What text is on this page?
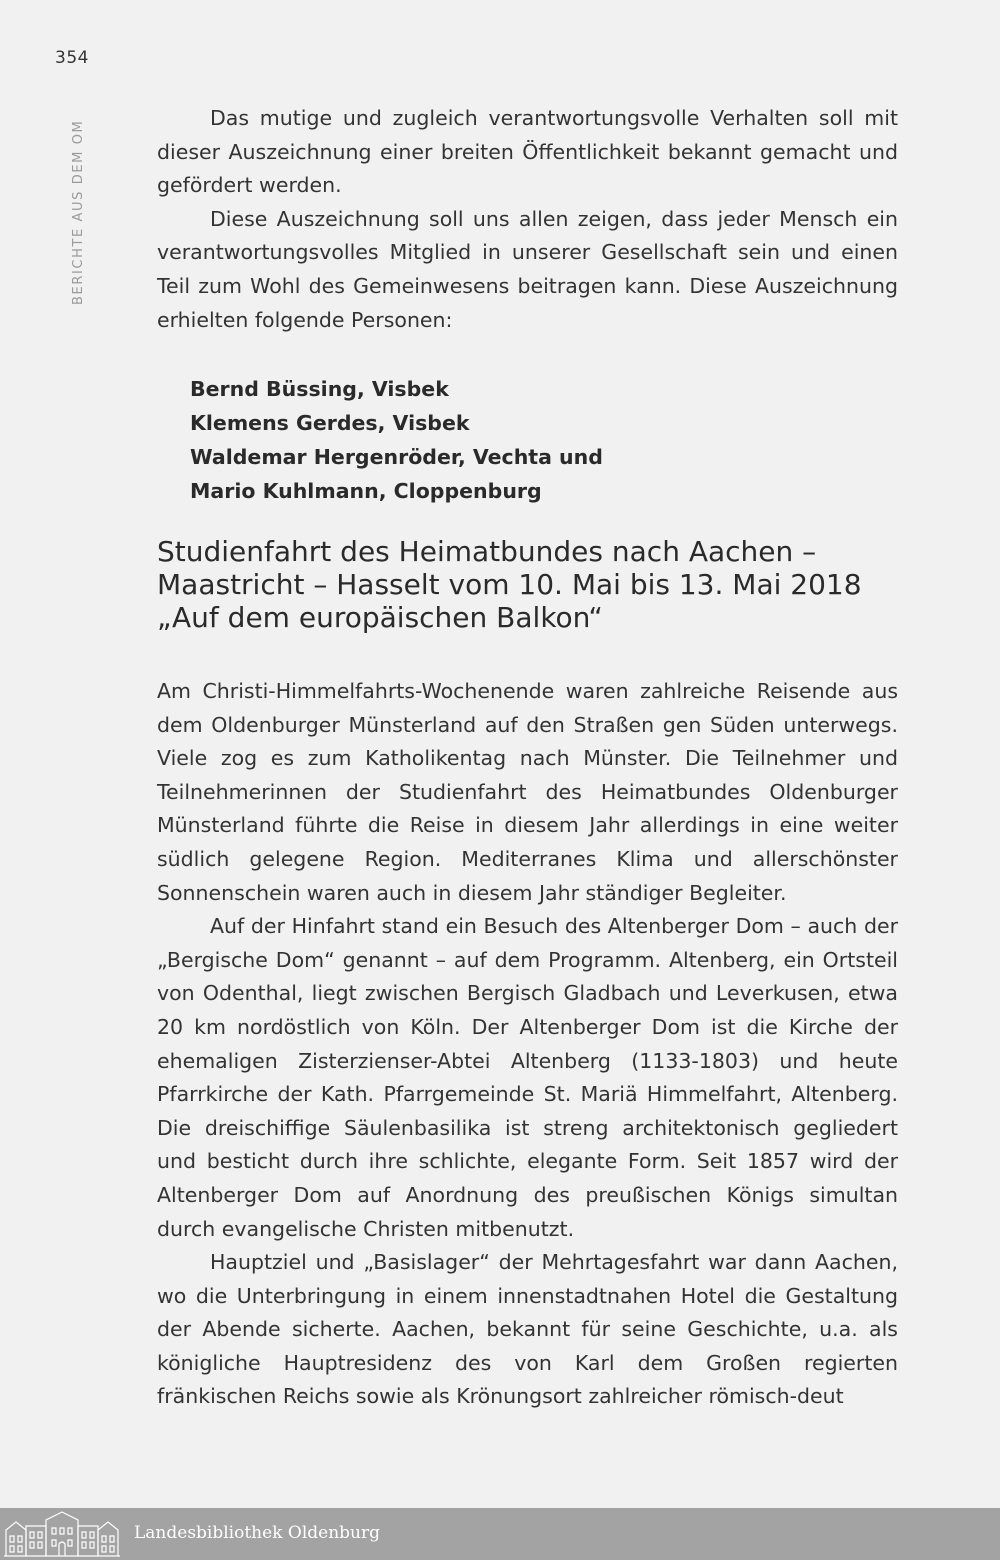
354
BERICHTE AUS DEM OM

Das mutige und zugleich verantwortungsvolle Verhalten soll mit dieser Auszeichnung einer breiten Öffentlichkeit bekannt gemacht und gefördert werden.

Diese Auszeichnung soll uns allen zeigen, dass jeder Mensch ein verantwortungsvolles Mitglied in unserer Gesellschaft sein und einen Teil zum Wohl des Gemeinwesens beitragen kann. Diese Auszeichnung erhielten folgende Personen:

Bernd Büssing, Visbek
Klemens Gerdes, Visbek
Waldemar Hergenröder, Vechta und
Mario Kuhlmann, Cloppenburg
Studienfahrt des Heimatbundes nach Aachen –
Maastricht – Hasselt vom 10. Mai bis 13. Mai 2018
„Auf dem europäischen Balkon“

Am Christi-Himmelfahrts-Wochenende waren zahlreiche Reisende aus dem Oldenburger Münsterland auf den Straßen gen Süden unterwegs. Viele zog es zum Katholikentag nach Münster. Die Teilnehmer und Teilnehmerinnen der Studienfahrt des Heimatbundes Oldenburger Münsterland führte die Reise in diesem Jahr allerdings in eine weiter südlich gelegene Region. Mediterranes Klima und allerschönster Sonnenschein waren auch in diesem Jahr ständiger Begleiter.

Auf der Hinfahrt stand ein Besuch des Altenberger Dom – auch der „Bergische Dom“ genannt – auf dem Programm. Altenberg, ein Ortsteil von Odenthal, liegt zwischen Bergisch Gladbach und Leverkusen, etwa 20 km nordöstlich von Köln. Der Altenberger Dom ist die Kirche der ehemaligen Zisterzienser-Abtei Altenberg (1133-1803) und heute Pfarrkirche der Kath. Pfarrgemeinde St. Mariä Himmelfahrt, Altenberg. Die dreischiffige Säulenbasilika ist streng architektonisch gegliedert und besticht durch ihre schlichte, elegante Form. Seit 1857 wird der Altenberger Dom auf Anordnung des preußischen Königs simultan durch evangelische Christen mitbenutzt.

Hauptziel und „Basislager“ der Mehrtagesfahrt war dann Aachen, wo die Unterbringung in einem innenstadtnahen Hotel die Gestaltung der Abende sicherte. Aachen, bekannt für seine Geschichte, u.a. als königliche Hauptresidenz des von Karl dem Großen regierten fränkischen Reichs sowie als Krönungsort zahlreicher römisch-deut

Landesbibliothek Oldenburg
